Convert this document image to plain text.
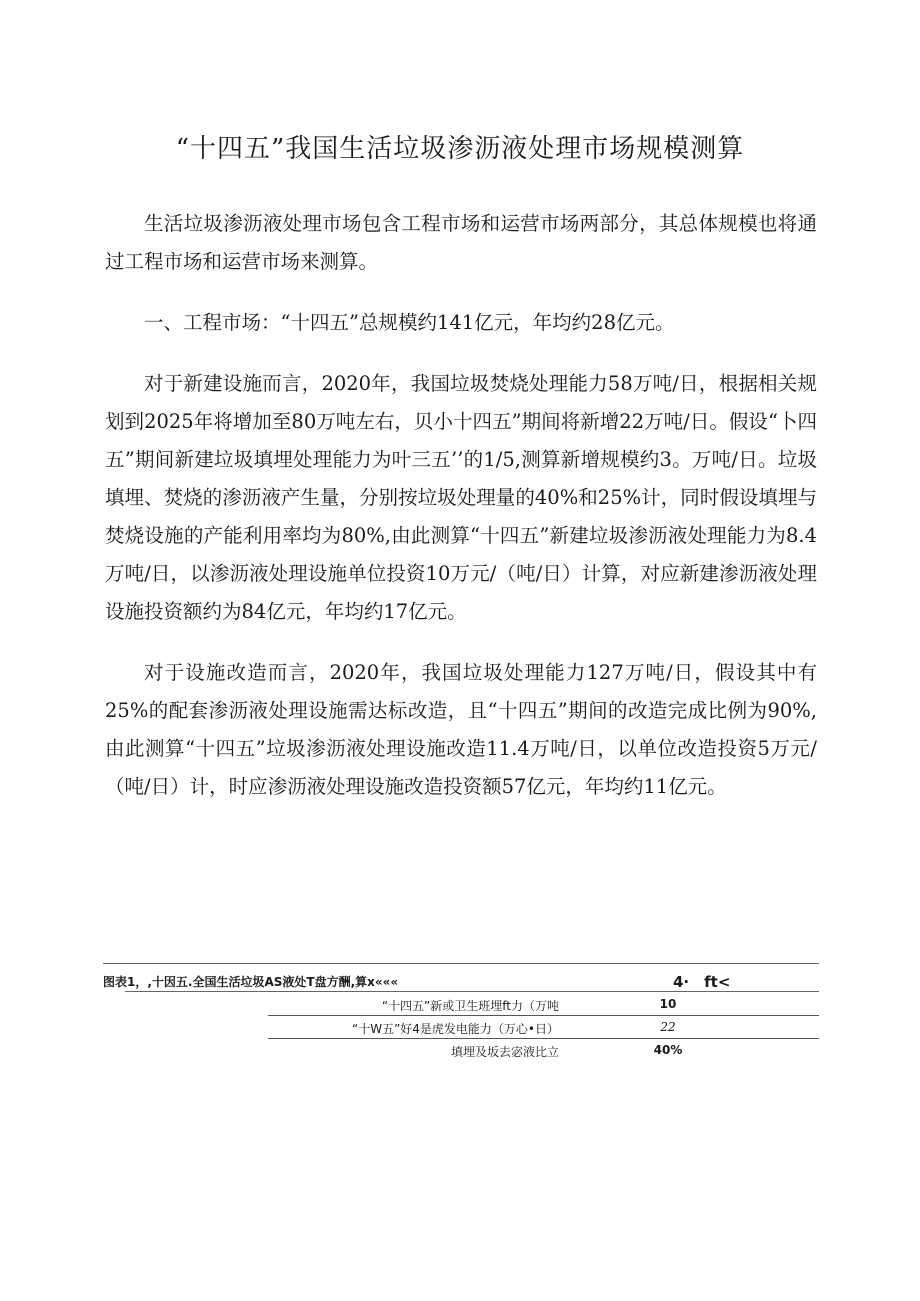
“十四五”我国生活垃圾渗沥液处理市场规模测算

生活垃圾渗沥液处理市场包含工程市场和运营市场两部分，其总体规模也将通过工程市场和运营市场来测算。

一、工程市场：“十四五”总规模约141亿元，年均约28亿元。

对于新建设施而言，2020年，我国垃圾焚烧处理能力58万吨/日，根据相关规划到2025年将增加至80万吨左右，贝小十四五”期间将新增22万吨/日。假设“卜四五”期间新建垃圾填埋处理能力为叶三五’’的1/5,测算新增规模约3。万吨/日。垃圾填埋、焚烧的渗沥液产生量，分别按垃圾处理量的40%和25%计，同时假设填埋与焚烧设施的产能利用率均为80%,由此测算“十四五”新建垃圾渗沥液处理能力为8.4万吨/日，以渗沥液处理设施单位投资10万元/（吨/日）计算，对应新建渗沥液处理设施投资额约为84亿元，年均约17亿元。

对于设施改造而言，2020年，我国垃圾处理能力127万吨/日，假设其中有25%的配套渗沥液处理设施需达标改造，且“十四五”期间的改造完成比例为90%,由此测算“十四五”垃圾渗沥液处理设施改造11.4万吨/日，以单位改造投资5万元/（吨/日）计，时应渗沥液处理设施改造投资额57亿元，年均约11亿元。

图表1，,十因五.全国生活垃圾AS液处T盘方酬,算x«««	4·　ft<
“十四五”新或卫生班埋ft力（万吨	10
“十W五”好4是虎发电能力（万心•日）	22
填埋及坂去宓液比立	40%
